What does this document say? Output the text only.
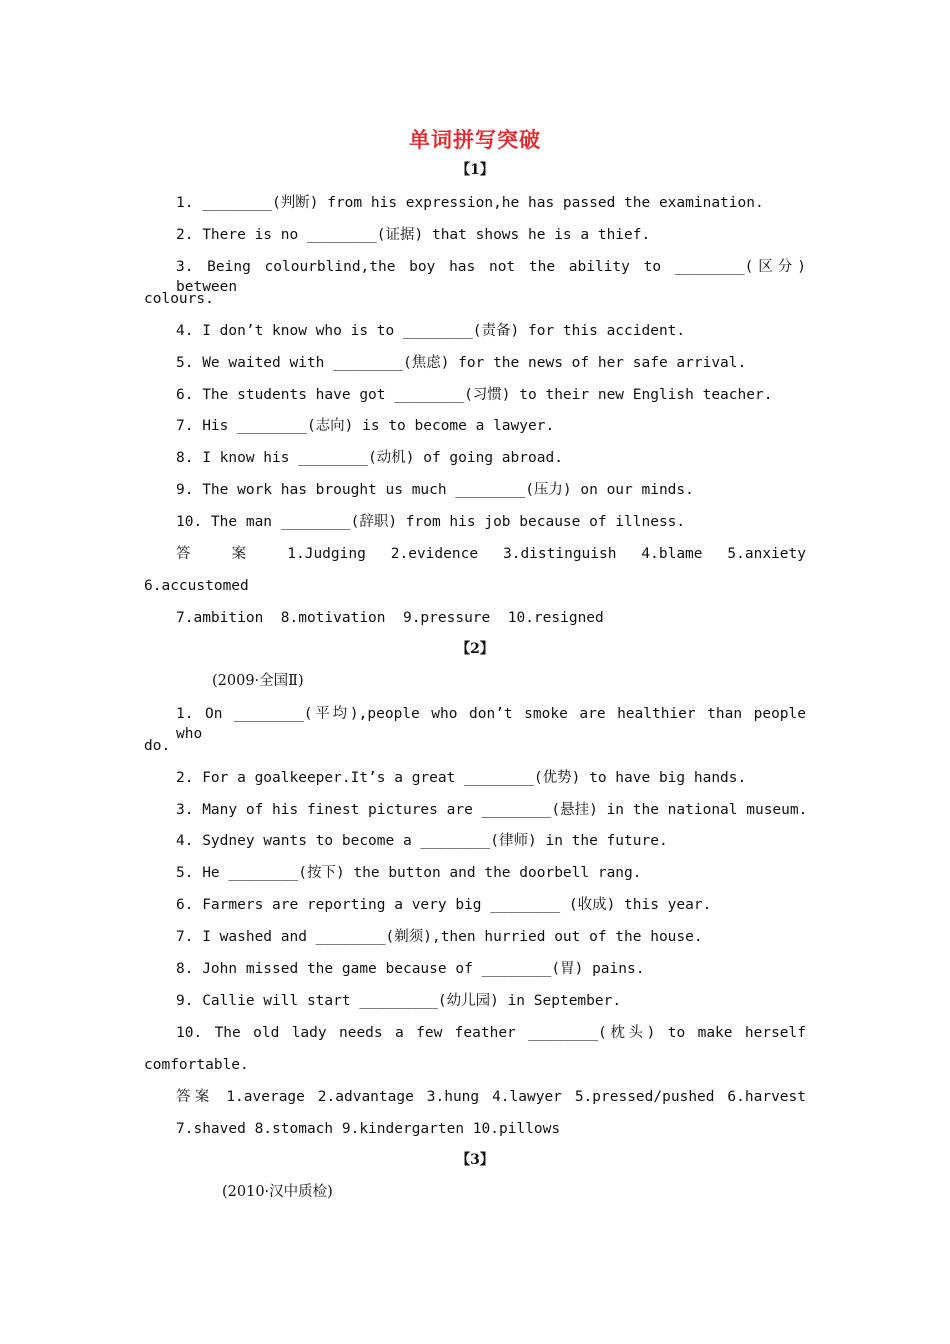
单词拼写突破
【1】
1. ________(判断) from his expression,he has passed the examination.
2. There is no ________(证据) that shows he is a thief.
3. Being colourblind,the boy has not the ability to ________(区分) between
colours.
4. I don’t know who is to ________(责备) for this accident.
5. We waited with ________(焦虑) for the news of her safe arrival.
6. The students have got ________(习惯) to their new English teacher.
7. His ________(志向) is to become a lawyer.
8. I know his ________(动机) of going abroad.
9. The work has brought us much ________(压力) on our minds.
10. The man ________(辞职) from his job because of illness.
答 案 1.Judging 2.evidence 3.distinguish 4.blame 5.anxiety
6.accustomed
7.ambition  8.motivation  9.pressure  10.resigned
【2】
(2009·全国Ⅱ)
1. On ________(平均),people who don’t smoke are healthier than people who
do.
2. For a goalkeeper.It’s a great ________(优势) to have big hands.
3. Many of his finest pictures are ________(悬挂) in the national museum.
4. Sydney wants to become a ________(律师) in the future.
5. He ________(按下) the button and the doorbell rang.
6. Farmers are reporting a very big ________ (收成) this year.
7. I washed and ________(剃须),then hurried out of the house.
8. John missed the game because of ________(胃) pains.
9. Callie will start _________(幼儿园) in September.
10. The old lady needs a few feather ________(枕头) to make herself
comfortable.
答案 1.average 2.advantage 3.hung 4.lawyer 5.pressed/pushed 6.harvest
7.shaved 8.stomach 9.kindergarten 10.pillows
【3】
(2010·汉中质检)
